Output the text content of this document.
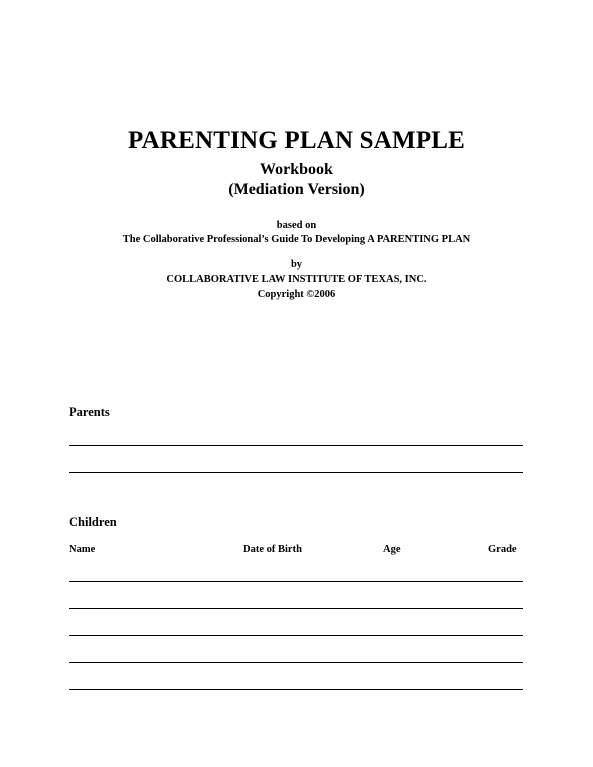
PARENTING PLAN SAMPLE
Workbook
(Mediation Version)
based on
The Collaborative Professional’s Guide To Developing A PARENTING PLAN
by
COLLABORATIVE LAW INSTITUTE OF TEXAS, INC.
Copyright ©2006
Parents
Children
Name	Date of Birth	Age	Grade
